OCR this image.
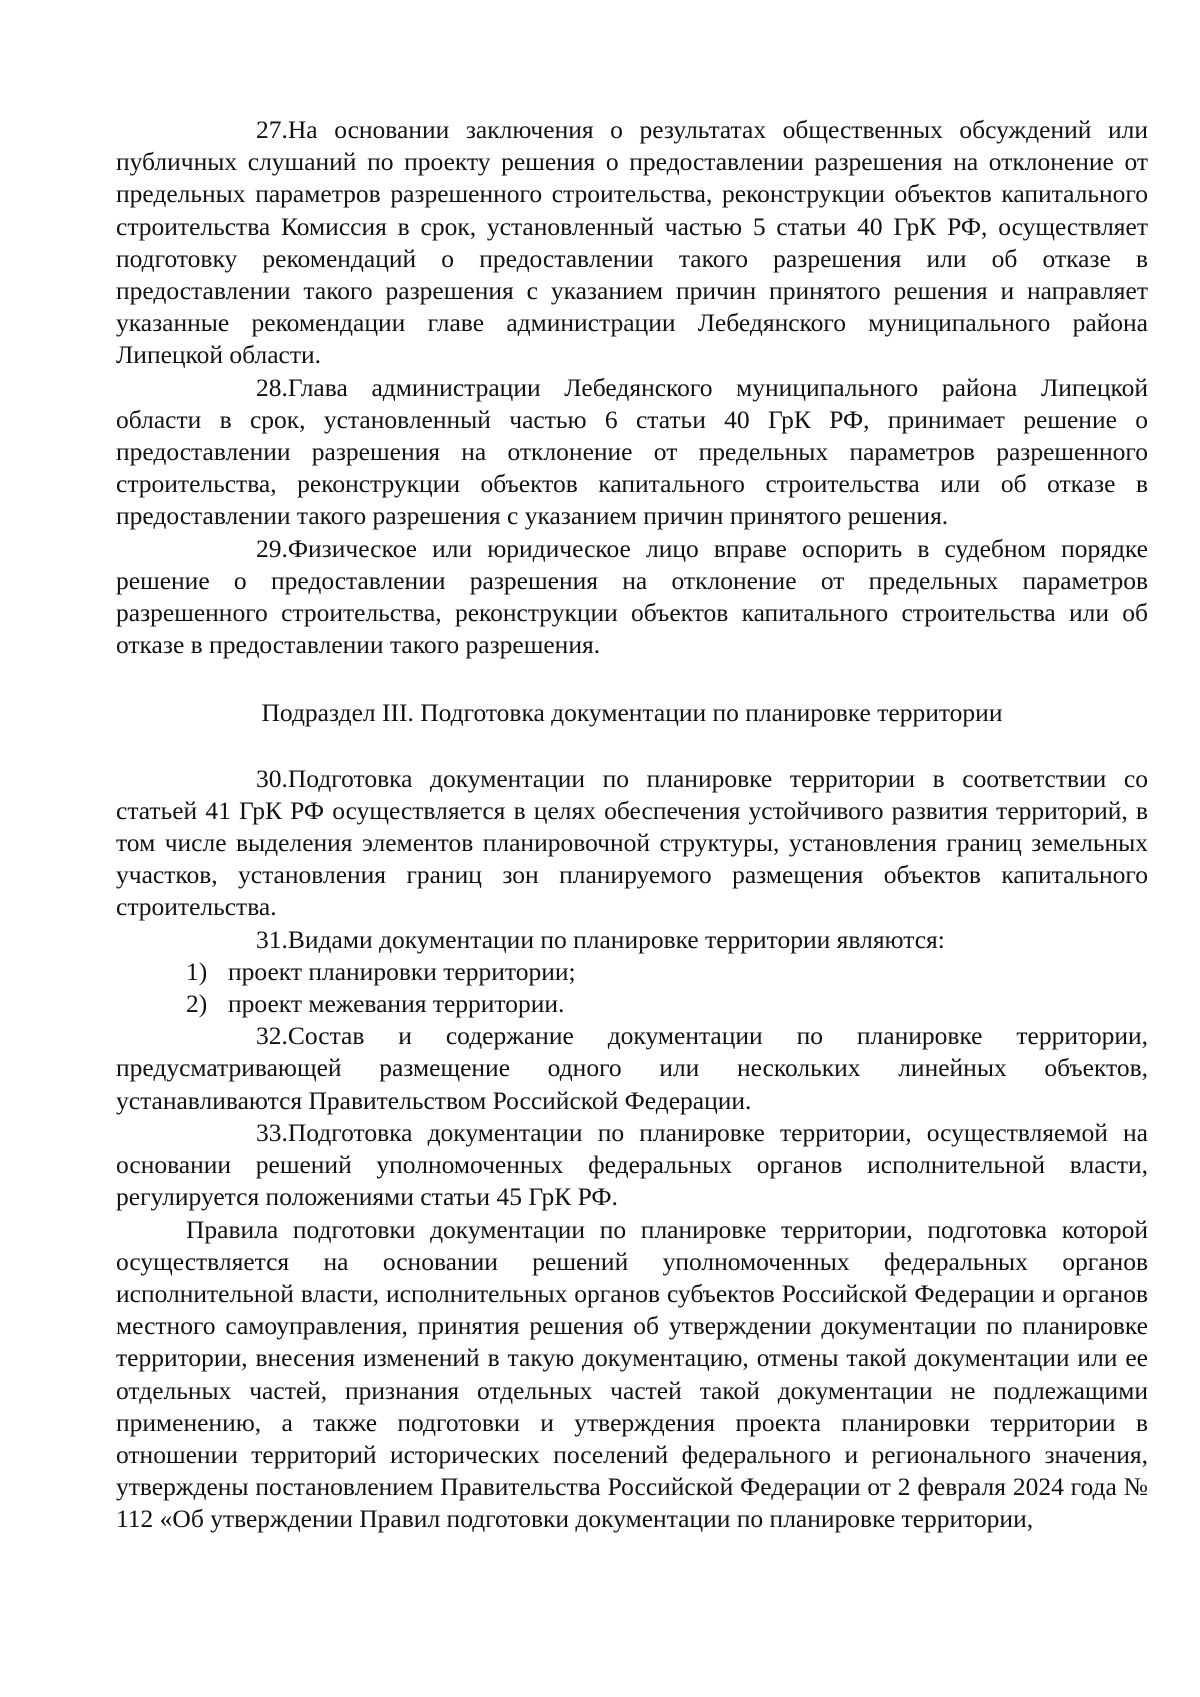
27.На основании заключения о результатах общественных обсуждений или публичных слушаний по проекту решения о предоставлении разрешения на отклонение от предельных параметров разрешенного строительства, реконструкции объектов капитального строительства Комиссия в срок, установленный частью 5 статьи 40 ГрК РФ, осуществляет подготовку рекомендаций о предоставлении такого разрешения или об отказе в предоставлении такого разрешения с указанием причин принятого решения и направляет указанные рекомендации главе администрации Лебедянского муниципального района Липецкой области.

28.Глава администрации Лебедянского муниципального района Липецкой области в срок, установленный частью 6 статьи 40 ГрК РФ, принимает решение о предоставлении разрешения на отклонение от предельных параметров разрешенного строительства, реконструкции объектов капитального строительства или об отказе в предоставлении такого разрешения с указанием причин принятого решения.

29.Физическое или юридическое лицо вправе оспорить в судебном порядке решение о предоставлении разрешения на отклонение от предельных параметров разрешенного строительства, реконструкции объектов капитального строительства или об отказе в предоставлении такого разрешения.

Подраздел III. Подготовка документации по планировке территории

30.Подготовка документации по планировке территории в соответствии со статьей 41 ГрК РФ осуществляется в целях обеспечения устойчивого развития территорий, в том числе выделения элементов планировочной структуры, установления границ земельных участков, установления границ зон планируемого размещения объектов капитального строительства.

31.Видами документации по планировке территории являются:

1) проект планировки территории;

2) проект межевания территории.

32.Состав и содержание документации по планировке территории, предусматривающей размещение одного или нескольких линейных объектов, устанавливаются Правительством Российской Федерации.

33.Подготовка документации по планировке территории, осуществляемой на основании решений уполномоченных федеральных органов исполнительной власти, регулируется положениями статьи 45 ГрК РФ.

Правила подготовки документации по планировке территории, подготовка которой осуществляется на основании решений уполномоченных федеральных органов исполнительной власти, исполнительных органов субъектов Российской Федерации и органов местного самоуправления, принятия решения об утверждении документации по планировке территории, внесения изменений в такую документацию, отмены такой документации или ее отдельных частей, признания отдельных частей такой документации не подлежащими применению, а также подготовки и утверждения проекта планировки территории в отношении территорий исторических поселений федерального и регионального значения, утверждены постановлением Правительства Российской Федерации от 2 февраля 2024 года № 112 «Об утверждении Правил подготовки документации по планировке территории,
